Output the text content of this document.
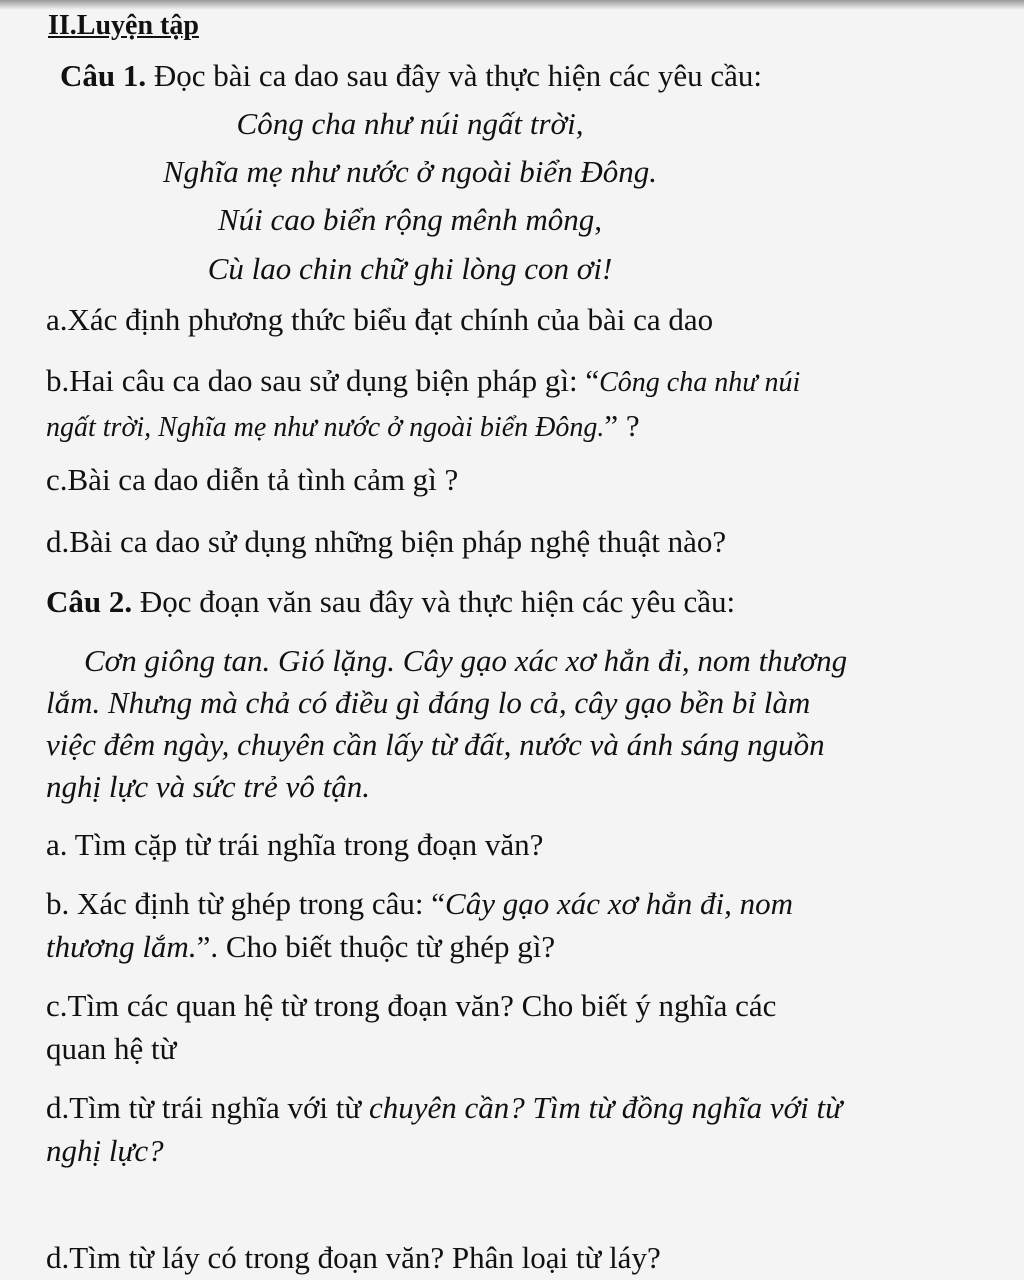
II.Luyện tập
Câu 1. Đọc bài ca dao sau đây và thực hiện các yêu cầu:
Công cha như núi ngất trời,
Nghĩa mẹ như nước ở ngoài biển Đông.
Núi cao biển rộng mênh mông,
Cù lao chin chữ ghi lòng con ơi!
a.Xác định phương thức biểu đạt chính của bài ca dao
b.Hai câu ca dao sau sử dụng biện pháp gì: “Công cha như núi
ngất trời, Nghĩa mẹ như nước ở ngoài biển Đông.” ?
c.Bài ca dao diễn tả tình cảm gì ?
d.Bài ca dao sử dụng những biện pháp nghệ thuật nào?
Câu 2. Đọc đoạn văn sau đây và thực hiện các yêu cầu:
Cơn giông tan. Gió lặng. Cây gạo xác xơ hẳn đi, nom thương
lắm. Nhưng mà chả có điều gì đáng lo cả, cây gạo bền bỉ làm
việc đêm ngày, chuyên cần lấy từ đất, nước và ánh sáng nguồn
nghị lực và sức trẻ vô tận.
a. Tìm cặp từ trái nghĩa trong đoạn văn?
b. Xác định từ ghép trong câu: “Cây gạo xác xơ hẳn đi, nom
thương lắm.”. Cho biết thuộc từ ghép gì?
c.Tìm các quan hệ từ trong đoạn văn? Cho biết ý nghĩa các
quan hệ từ
d.Tìm từ trái nghĩa với từ chuyên cần? Tìm từ đồng nghĩa với từ
nghị lực?
d.Tìm từ láy có trong đoạn văn? Phân loại từ láy?
